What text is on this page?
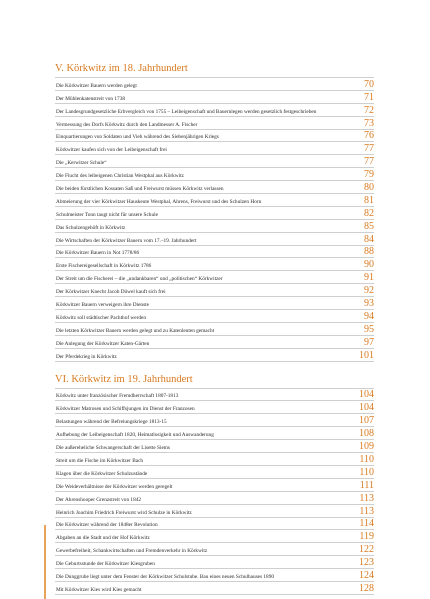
V. Körkwitz im 18. Jahrhundert
Die Körkwitzer Bauern werden gelegt	70
Der Mühlenkatenstreit von 1738	71
Der Landesgrundgesetzliche Erbvergleich von 1755 – Leibeigenschaft und Bauernlegen werden gesetzlich festgeschrieben	72
Vermessung des Dorfs Körkwitz durch den Landmesser A. Fischer	73
Einquartierungen von Soldaten und Vieh während des Siebenjährigen Kriegs	76
Körkwitzer kaufen sich von der Leibeigenschaft frei	77
Die „Kerwitzer Schule“	77
Die Flucht des leibeigenen Christian Westphal aus Körkwitz	79
Die beiden fürstlichen Kossaten Saß und Freiwurst müssen Körkwitz verlassen	80
Abmeierung der vier Körkwitzer Hauskeute Westphal, Ahrens, Freiwurst und des Schulzen Horn	81
Schulmeister Tonn taugt nicht für unsere Schule	82
Das Schulzengehöft in Körkwitz	85
Die Wirtschaften der Körkwitzer Bauern vom 17.–19. Jahrhundert	84
Die Körkwitzer Bauern in Not 1778/86	88
Erste Fischereigesellschaft in Körkwitz 1786	90
Der Streit um die Fischerei – die „undankbaren“ und „politischen“ Körkwitzer	91
Der Körkwitzer Knecht Jacob Düwel kauft sich frei	92
Körkwitzer Bauern verweigern ihre Dienste	93
Körkwitz soll städtischer Pachthof werden	94
Die letzten Körkwitzer Bauern werden gelegt und zu Katenleuten gemacht	95
Die Anlegung der Körkwitzer Katen-Gärten	97
Der Pferdekrieg in Körkwitz	101
VI. Körkwitz im 19. Jahrhundert
Körkwitz unter französischer Fremdherrschaft 1807-1813	104
Körkwitzer Matrosen und Schiffsjungen im Dienst der Franzosen	104
Belastungen während der Befreiungskriege 1813-15	107
Aufhebung der Leibeigenschaft 1820, Heimatlosigkeit und Auswanderung	108
Die außereheliche Schwangerschaft der Lisette Siems	109
Streit um die Fische im Körkwitzer Bach	110
Klagen über die Körkwitzer Schulzustände	110
Die Weideverhältnisse der Körkwitzer werden geregelt	111
Der Ahrenshooper Grenzstreit von 1842	113
Heinrich Joachim Friedrich Freiwurst wird Schulze in Körkwitz	113
Die Körkwitzer während der 1848er Revolution	114
Abgaben an die Stadt und der Hof Körkwitz	119
Gewerbefreiheit, Schankwirtschaften und Fremdenverkehr in Körkwitz	122
Die Geburtsstunde der Körkwitzer Kiesgruben	123
Die Dunggrube liegt unter dem Fenster der Körkwitzer Schulstube. Bau eines neuen Schulhauses 1890	124
Mit Körkwitzer Kies wird Kies gemacht	128
